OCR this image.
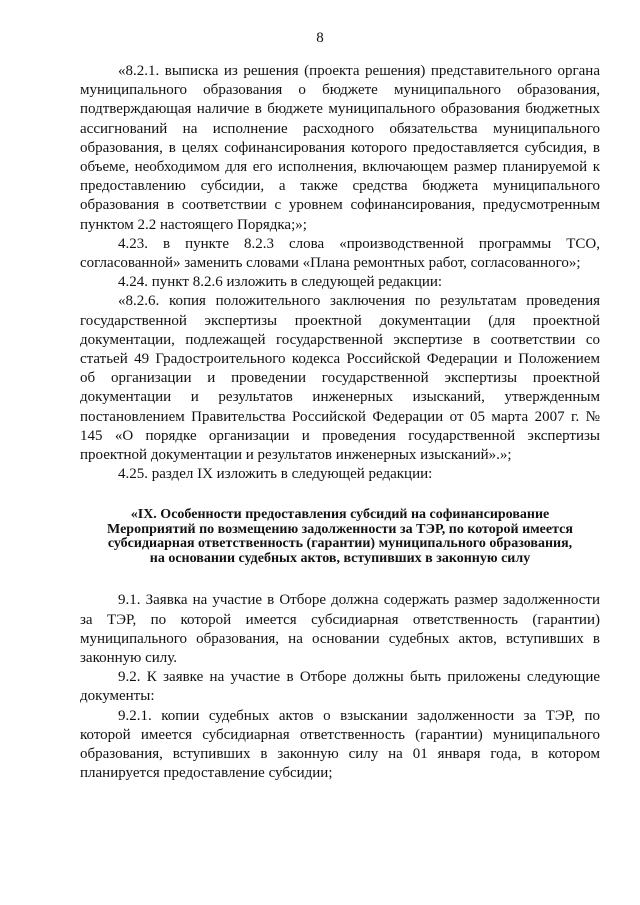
8

«8.2.1. выписка из решения (проекта решения) представительного органа муниципального образования о бюджете муниципального образования, подтверждающая наличие в бюджете муниципального образования бюджетных ассигнований на исполнение расходного обязательства муниципального образования, в целях софинансирования которого предоставляется субсидия, в объеме, необходимом для его исполнения, включающем размер планируемой к предоставлению субсидии, а также средства бюджета муниципального образования в соответствии с уровнем софинансирования, предусмотренным пунктом 2.2 настоящего Порядка;»;

4.23. в пункте 8.2.3 слова «производственной программы ТСО, согласованной» заменить словами «Плана ремонтных работ, согласованного»;

4.24. пункт 8.2.6 изложить в следующей редакции:

«8.2.6. копия положительного заключения по результатам проведения государственной экспертизы проектной документации (для проектной документации, подлежащей государственной экспертизе в соответствии со статьей 49 Градостроительного кодекса Российской Федерации и Положением об организации и проведении государственной экспертизы проектной документации и результатов инженерных изысканий, утвержденным постановлением Правительства Российской Федерации от 05 марта 2007 г. № 145 «О порядке организации и проведения государственной экспертизы проектной документации и результатов инженерных изысканий».»;

4.25. раздел IX изложить в следующей редакции:

«IX. Особенности предоставления субсидий на софинансирование
Мероприятий по возмещению задолженности за ТЭР, по которой имеется
субсидиарная ответственность (гарантии) муниципального образования,
на основании судебных актов, вступивших в законную силу

9.1. Заявка на участие в Отборе должна содержать размер задолженности за ТЭР, по которой имеется субсидиарная ответственность (гарантии) муниципального образования, на основании судебных актов, вступивших в законную силу.

9.2. К заявке на участие в Отборе должны быть приложены следующие документы:

9.2.1. копии судебных актов о взыскании задолженности за ТЭР, по которой имеется субсидиарная ответственность (гарантии) муниципального образования, вступивших в законную силу на 01 января года, в котором планируется предоставление субсидии;
